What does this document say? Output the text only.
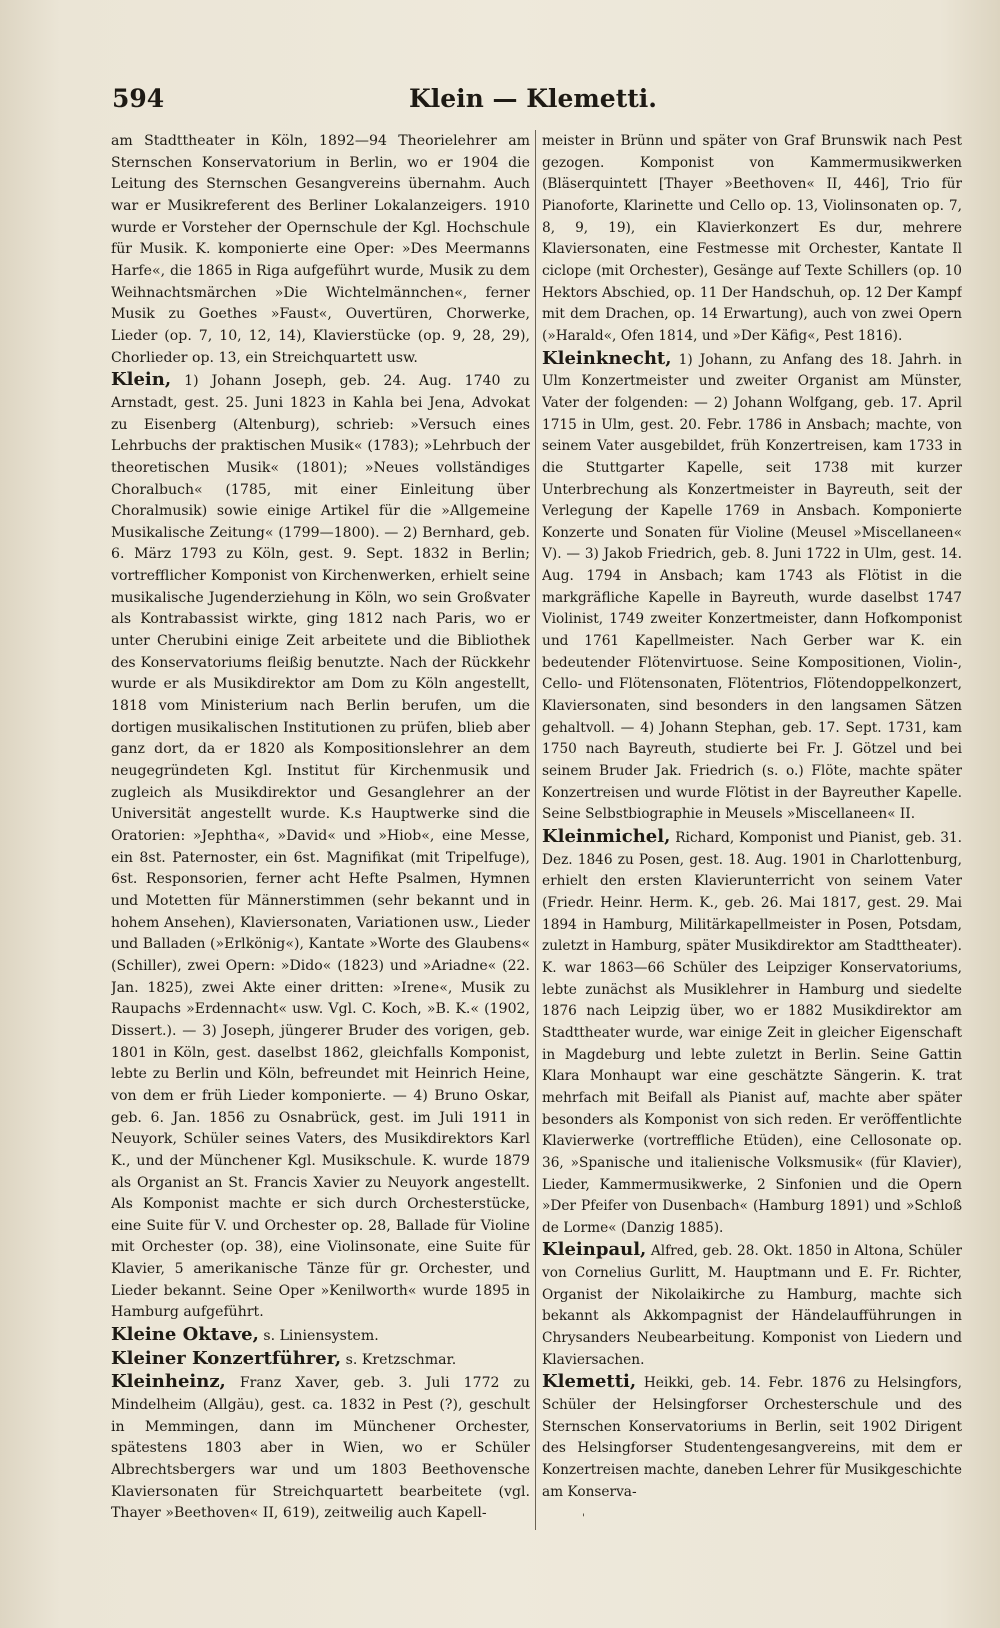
594	Klein — Klemetti.

am Stadttheater in Köln, 1892—94 Theorielehrer am Sternschen Konservatorium in Berlin, wo er 1904 die Leitung des Sternschen Gesangvereins übernahm. Auch war er Musikreferent des Berliner Lokalanzeigers. 1910 wurde er Vorsteher der Opernschule der Kgl. Hochschule für Musik. K. komponierte eine Oper: »Des Meermanns Harfe«, die 1865 in Riga aufgeführt wurde, Musik zu dem Weihnachtsmärchen »Die Wichtelmännchen«, ferner Musik zu Goethes »Faust«, Ouvertüren, Chorwerke, Lieder (op. 7, 10, 12, 14), Klavierstücke (op. 9, 28, 29), Chorlieder op. 13, ein Streichquartett usw.

Klein, 1) Johann Joseph, geb. 24. Aug. 1740 zu Arnstadt, gest. 25. Juni 1823 in Kahla bei Jena, Advokat zu Eisenberg (Altenburg), schrieb: »Versuch eines Lehrbuchs der praktischen Musik« (1783); »Lehrbuch der theoretischen Musik« (1801); »Neues vollständiges Choralbuch« (1785, mit einer Einleitung über Choralmusik) sowie einige Artikel für die »Allgemeine Musikalische Zeitung« (1799—1800). — 2) Bernhard, geb. 6. März 1793 zu Köln, gest. 9. Sept. 1832 in Berlin; vortrefflicher Komponist von Kirchenwerken, erhielt seine musikalische Jugenderziehung in Köln, wo sein Großvater als Kontrabassist wirkte, ging 1812 nach Paris, wo er unter Cherubini einige Zeit arbeitete und die Bibliothek des Konservatoriums fleißig benutzte. Nach der Rückkehr wurde er als Musikdirektor am Dom zu Köln angestellt, 1818 vom Ministerium nach Berlin berufen, um die dortigen musikalischen Institutionen zu prüfen, blieb aber ganz dort, da er 1820 als Kompositionslehrer an dem neugegründeten Kgl. Institut für Kirchenmusik und zugleich als Musikdirektor und Gesanglehrer an der Universität angestellt wurde. K.s Hauptwerke sind die Oratorien: »Jephtha«, »David« und »Hiob«, eine Messe, ein 8st. Paternoster, ein 6st. Magnifikat (mit Tripelfuge), 6st. Responsorien, ferner acht Hefte Psalmen, Hymnen und Motetten für Männerstimmen (sehr bekannt und in hohem Ansehen), Klaviersonaten, Variationen usw., Lieder und Balladen (»Erlkönig«), Kantate »Worte des Glaubens« (Schiller), zwei Opern: »Dido« (1823) und »Ariadne« (22. Jan. 1825), zwei Akte einer dritten: »Irene«, Musik zu Raupachs »Erdennacht« usw. Vgl. C. Koch, »B. K.« (1902, Dissert.). — 3) Joseph, jüngerer Bruder des vorigen, geb. 1801 in Köln, gest. daselbst 1862, gleichfalls Komponist, lebte zu Berlin und Köln, befreundet mit Heinrich Heine, von dem er früh Lieder komponierte. — 4) Bruno Oskar, geb. 6. Jan. 1856 zu Osnabrück, gest. im Juli 1911 in Neuyork, Schüler seines Vaters, des Musikdirektors Karl K., und der Münchener Kgl. Musikschule. K. wurde 1879 als Organist an St. Francis Xavier zu Neuyork angestellt. Als Komponist machte er sich durch Orchesterstücke, eine Suite für V. und Orchester op. 28, Ballade für Violine mit Orchester (op. 38), eine Violinsonate, eine Suite für Klavier, 5 amerikanische Tänze für gr. Orchester, und Lieder bekannt. Seine Oper »Kenilworth« wurde 1895 in Hamburg aufgeführt.

Kleine Oktave, s. Liniensystem.

Kleiner Konzertführer, s. Kretzschmar.

Kleinheinz, Franz Xaver, geb. 3. Juli 1772 zu Mindelheim (Allgäu), gest. ca. 1832 in Pest (?), geschult in Memmingen, dann im Münchener Orchester, spätestens 1803 aber in Wien, wo er Schüler Albrechtsbergers war und um 1803 Beethovensche Klaviersonaten für Streichquartett bearbeitete (vgl. Thayer »Beethoven« II, 619), zeitweilig auch Kapell-

meister in Brünn und später von Graf Brunswik nach Pest gezogen. Komponist von Kammermusikwerken (Bläserquintett [Thayer »Beethoven« II, 446], Trio für Pianoforte, Klarinette und Cello op. 13, Violinsonaten op. 7, 8, 9, 19), ein Klavierkonzert Es dur, mehrere Klaviersonaten, eine Festmesse mit Orchester, Kantate Il ciclope (mit Orchester), Gesänge auf Texte Schillers (op. 10 Hektors Abschied, op. 11 Der Handschuh, op. 12 Der Kampf mit dem Drachen, op. 14 Erwartung), auch von zwei Opern (»Harald«, Ofen 1814, und »Der Käfig«, Pest 1816).

Kleinknecht, 1) Johann, zu Anfang des 18. Jahrh. in Ulm Konzertmeister und zweiter Organist am Münster, Vater der folgenden: — 2) Johann Wolfgang, geb. 17. April 1715 in Ulm, gest. 20. Febr. 1786 in Ansbach; machte, von seinem Vater ausgebildet, früh Konzertreisen, kam 1733 in die Stuttgarter Kapelle, seit 1738 mit kurzer Unterbrechung als Konzertmeister in Bayreuth, seit der Verlegung der Kapelle 1769 in Ansbach. Komponierte Konzerte und Sonaten für Violine (Meusel »Miscellaneen« V). — 3) Jakob Friedrich, geb. 8. Juni 1722 in Ulm, gest. 14. Aug. 1794 in Ansbach; kam 1743 als Flötist in die markgräfliche Kapelle in Bayreuth, wurde daselbst 1747 Violinist, 1749 zweiter Konzertmeister, dann Hofkomponist und 1761 Kapellmeister. Nach Gerber war K. ein bedeutender Flötenvirtuose. Seine Kompositionen, Violin-, Cello- und Flötensonaten, Flötentrios, Flötendoppelkonzert, Klaviersonaten, sind besonders in den langsamen Sätzen gehaltvoll. — 4) Johann Stephan, geb. 17. Sept. 1731, kam 1750 nach Bayreuth, studierte bei Fr. J. Götzel und bei seinem Bruder Jak. Friedrich (s. o.) Flöte, machte später Konzertreisen und wurde Flötist in der Bayreuther Kapelle. Seine Selbstbiographie in Meusels »Miscellaneen« II.

Kleinmichel, Richard, Komponist und Pianist, geb. 31. Dez. 1846 zu Posen, gest. 18. Aug. 1901 in Charlottenburg, erhielt den ersten Klavierunterricht von seinem Vater (Friedr. Heinr. Herm. K., geb. 26. Mai 1817, gest. 29. Mai 1894 in Hamburg, Militärkapellmeister in Posen, Potsdam, zuletzt in Hamburg, später Musikdirektor am Stadttheater). K. war 1863—66 Schüler des Leipziger Konservatoriums, lebte zunächst als Musiklehrer in Hamburg und siedelte 1876 nach Leipzig über, wo er 1882 Musikdirektor am Stadttheater wurde, war einige Zeit in gleicher Eigenschaft in Magdeburg und lebte zuletzt in Berlin. Seine Gattin Klara Monhaupt war eine geschätzte Sängerin. K. trat mehrfach mit Beifall als Pianist auf, machte aber später besonders als Komponist von sich reden. Er veröffentlichte Klavierwerke (vortreffliche Etüden), eine Cellosonate op. 36, »Spanische und italienische Volksmusik« (für Klavier), Lieder, Kammermusikwerke, 2 Sinfonien und die Opern »Der Pfeifer von Dusenbach« (Hamburg 1891) und »Schloß de Lorme« (Danzig 1885).

Kleinpaul, Alfred, geb. 28. Okt. 1850 in Altona, Schüler von Cornelius Gurlitt, M. Hauptmann und E. Fr. Richter, Organist der Nikolaikirche zu Hamburg, machte sich bekannt als Akkompagnist der Händelaufführungen in Chrysanders Neubearbeitung. Komponist von Liedern und Klaviersachen.

Klemetti, Heikki, geb. 14. Febr. 1876 zu Helsingfors, Schüler der Helsingforser Orchesterschule und des Sternschen Konservatoriums in Berlin, seit 1902 Dirigent des Helsingforser Studentengesangvereins, mit dem er Konzertreisen machte, daneben Lehrer für Musikgeschichte am Konserva-

'
